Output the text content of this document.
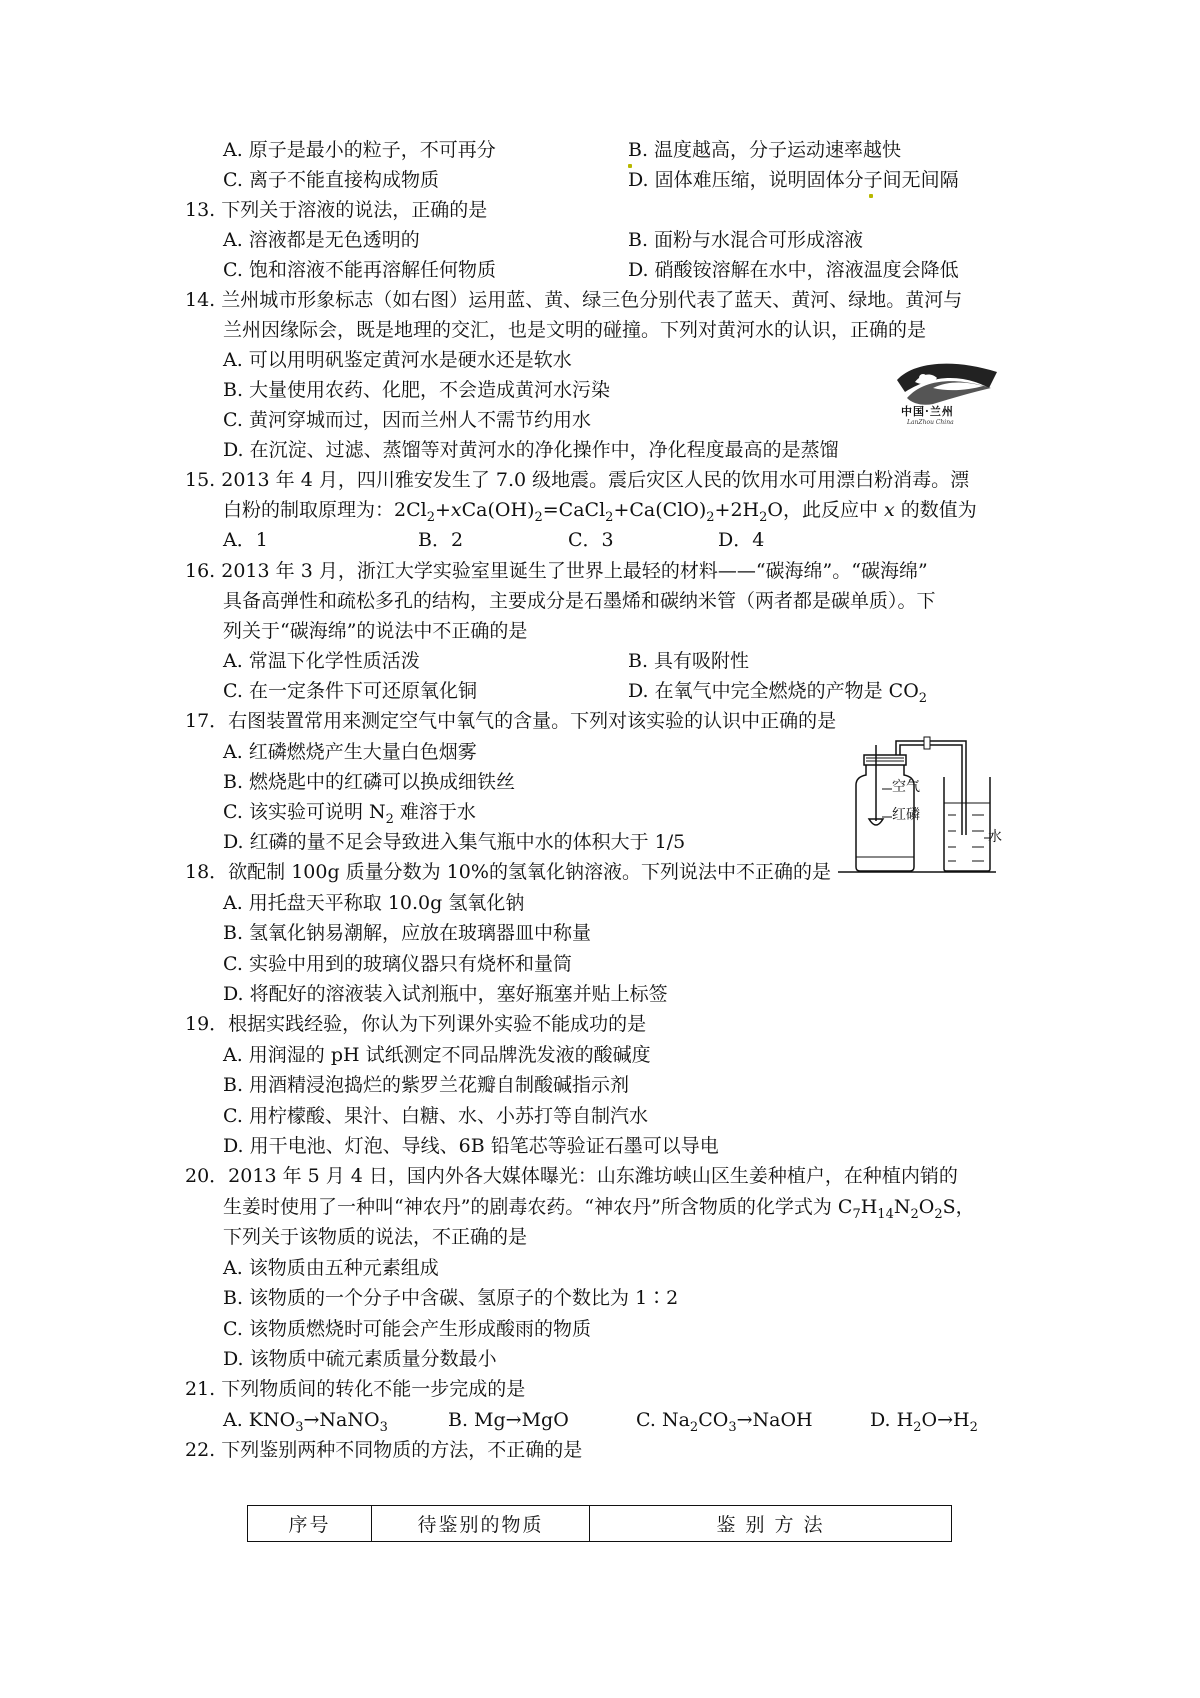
A. 原子是最小的粒子，不可再分	B. 温度越高，分子运动速率越快
C. 离子不能直接构成物质	D. 固体难压缩，说明固体分子间无间隔
13. 下列关于溶液的说法，正确的是
A. 溶液都是无色透明的	B. 面粉与水混合可形成溶液
C. 饱和溶液不能再溶解任何物质	D. 硝酸铵溶解在水中，溶液温度会降低
14. 兰州城市形象标志（如右图）运用蓝、黄、绿三色分别代表了蓝天、黄河、绿地。黄河与
兰州因缘际会，既是地理的交汇，也是文明的碰撞。下列对黄河水的认识，正确的是
A. 可以用明矾鉴定黄河水是硬水还是软水
B. 大量使用农药、化肥，不会造成黄河水污染
C. 黄河穿城而过，因而兰州人不需节约用水
D. 在沉淀、过滤、蒸馏等对黄河水的净化操作中，净化程度最高的是蒸馏
中国·兰州
LanZhou China
15. 2013 年 4 月，四川雅安发生了 7.0 级地震。震后灾区人民的饮用水可用漂白粉消毒。漂
白粉的制取原理为：$2Cl_2+xCa(OH)_2=CaCl_2+Ca(ClO)_2+2H_2O$，此反应中 x 的数值为
A．1	B．2	C．3	D．4
16. 2013 年 3 月，浙江大学实验室里诞生了世界上最轻的材料——“碳海绵”。“碳海绵”
具备高弹性和疏松多孔的结构，主要成分是石墨烯和碳纳米管（两者都是碳单质）。下
列关于“碳海绵”的说法中不正确的是
A. 常温下化学性质活泼	B. 具有吸附性
C. 在一定条件下可还原氧化铜	D. 在氧气中完全燃烧的产物是 $CO_2$
17．右图装置常用来测定空气中氧气的含量。下列对该实验的认识中正确的是
A. 红磷燃烧产生大量白色烟雾
B. 燃烧匙中的红磷可以换成细铁丝
C. 该实验可说明 $N_2$ 难溶于水
D. 红磷的量不足会导致进入集气瓶中水的体积大于 1/5
空气
红磷
水
18．欲配制 100g 质量分数为 10%的氢氧化钠溶液。下列说法中不正确的是
A. 用托盘天平称取 10.0g 氢氧化钠
B. 氢氧化钠易潮解，应放在玻璃器皿中称量
C. 实验中用到的玻璃仪器只有烧杯和量筒
D. 将配好的溶液装入试剂瓶中，塞好瓶塞并贴上标签
19．根据实践经验，你认为下列课外实验不能成功的是
A. 用润湿的 pH 试纸测定不同品牌洗发液的酸碱度
B. 用酒精浸泡捣烂的紫罗兰花瓣自制酸碱指示剂
C. 用柠檬酸、果汁、白糖、水、小苏打等自制汽水
D. 用干电池、灯泡、导线、6B 铅笔芯等验证石墨可以导电
20．2013 年 5 月 4 日，国内外各大媒体曝光：山东潍坊峡山区生姜种植户，在种植内销的
生姜时使用了一种叫“神农丹”的剧毒农药。“神农丹”所含物质的化学式为 $C_7H_{14}N_2O_2S$，
下列关于该物质的说法，不正确的是
A. 该物质由五种元素组成
B. 该物质的一个分子中含碳、氢原子的个数比为 1∶2
C. 该物质燃烧时可能会产生形成酸雨的物质
D. 该物质中硫元素质量分数最小
21. 下列物质间的转化不能一步完成的是
A. $KNO_3\to NaNO_3$	B. Mg→MgO	C. $Na_2CO_3\to NaOH$	D. $H_2O\to H_2$
22. 下列鉴别两种不同物质的方法，不正确的是
序号	待鉴别的物质	鉴 别 方 法
